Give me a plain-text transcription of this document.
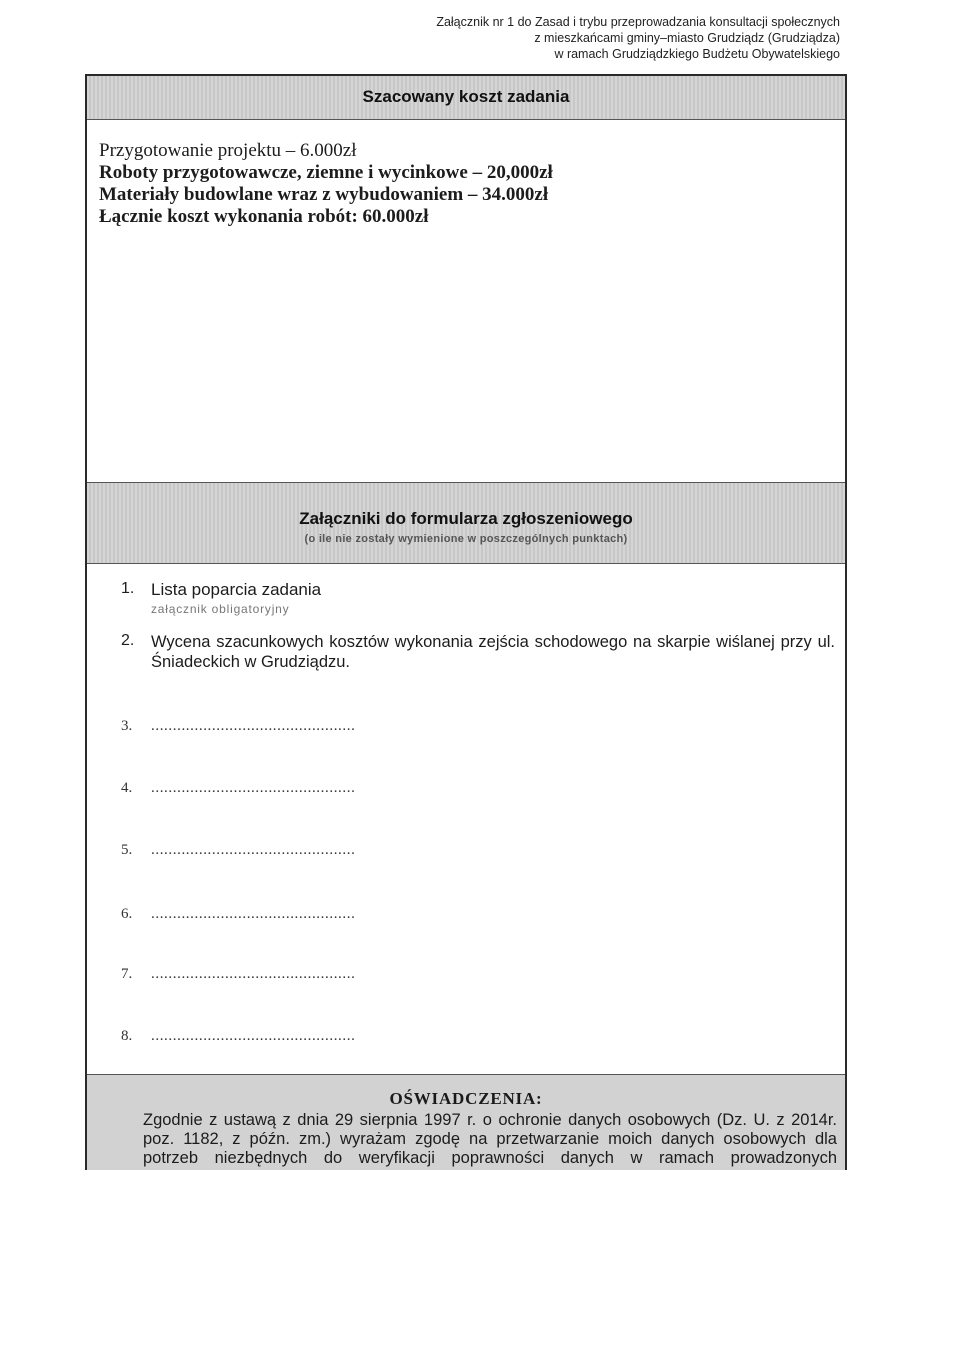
Załącznik nr 1 do Zasad i trybu przeprowadzania konsultacji społecznych
z mieszkańcami gminy–miasto Grudziądz (Grudziądza)
w ramach Grudziądzkiego Budżetu Obywatelskiego
Szacowany koszt zadania
Przygotowanie projektu – 6.000zł
Roboty przygotowawcze, ziemne i wycinkowe – 20,000zł
Materiały budowlane wraz z wybudowaniem – 34.000zł
Łącznie koszt wykonania robót: 60.000zł
Załączniki do formularza zgłoszeniowego
(o ile nie zostały wymienione w poszczególnych punktach)
1. Lista poparcia zadania
załącznik obligatoryjny
2. Wycena szacunkowych kosztów wykonania zejścia schodowego na skarpie wiślanej przy ul. Śniadeckich w Grudziądzu.
3. ...............................................
4. ...............................................
5. ...............................................
6. ...............................................
7. ...............................................
8. ...............................................
OŚWIADCZENIA:
Zgodnie z ustawą z dnia 29 sierpnia 1997 r. o ochronie danych osobowych (Dz. U. z 2014r. poz. 1182, z późn. zm.) wyrażam zgodę na przetwarzanie moich danych osobowych dla potrzeb niezbędnych do weryfikacji poprawności danych w ramach prowadzonych
